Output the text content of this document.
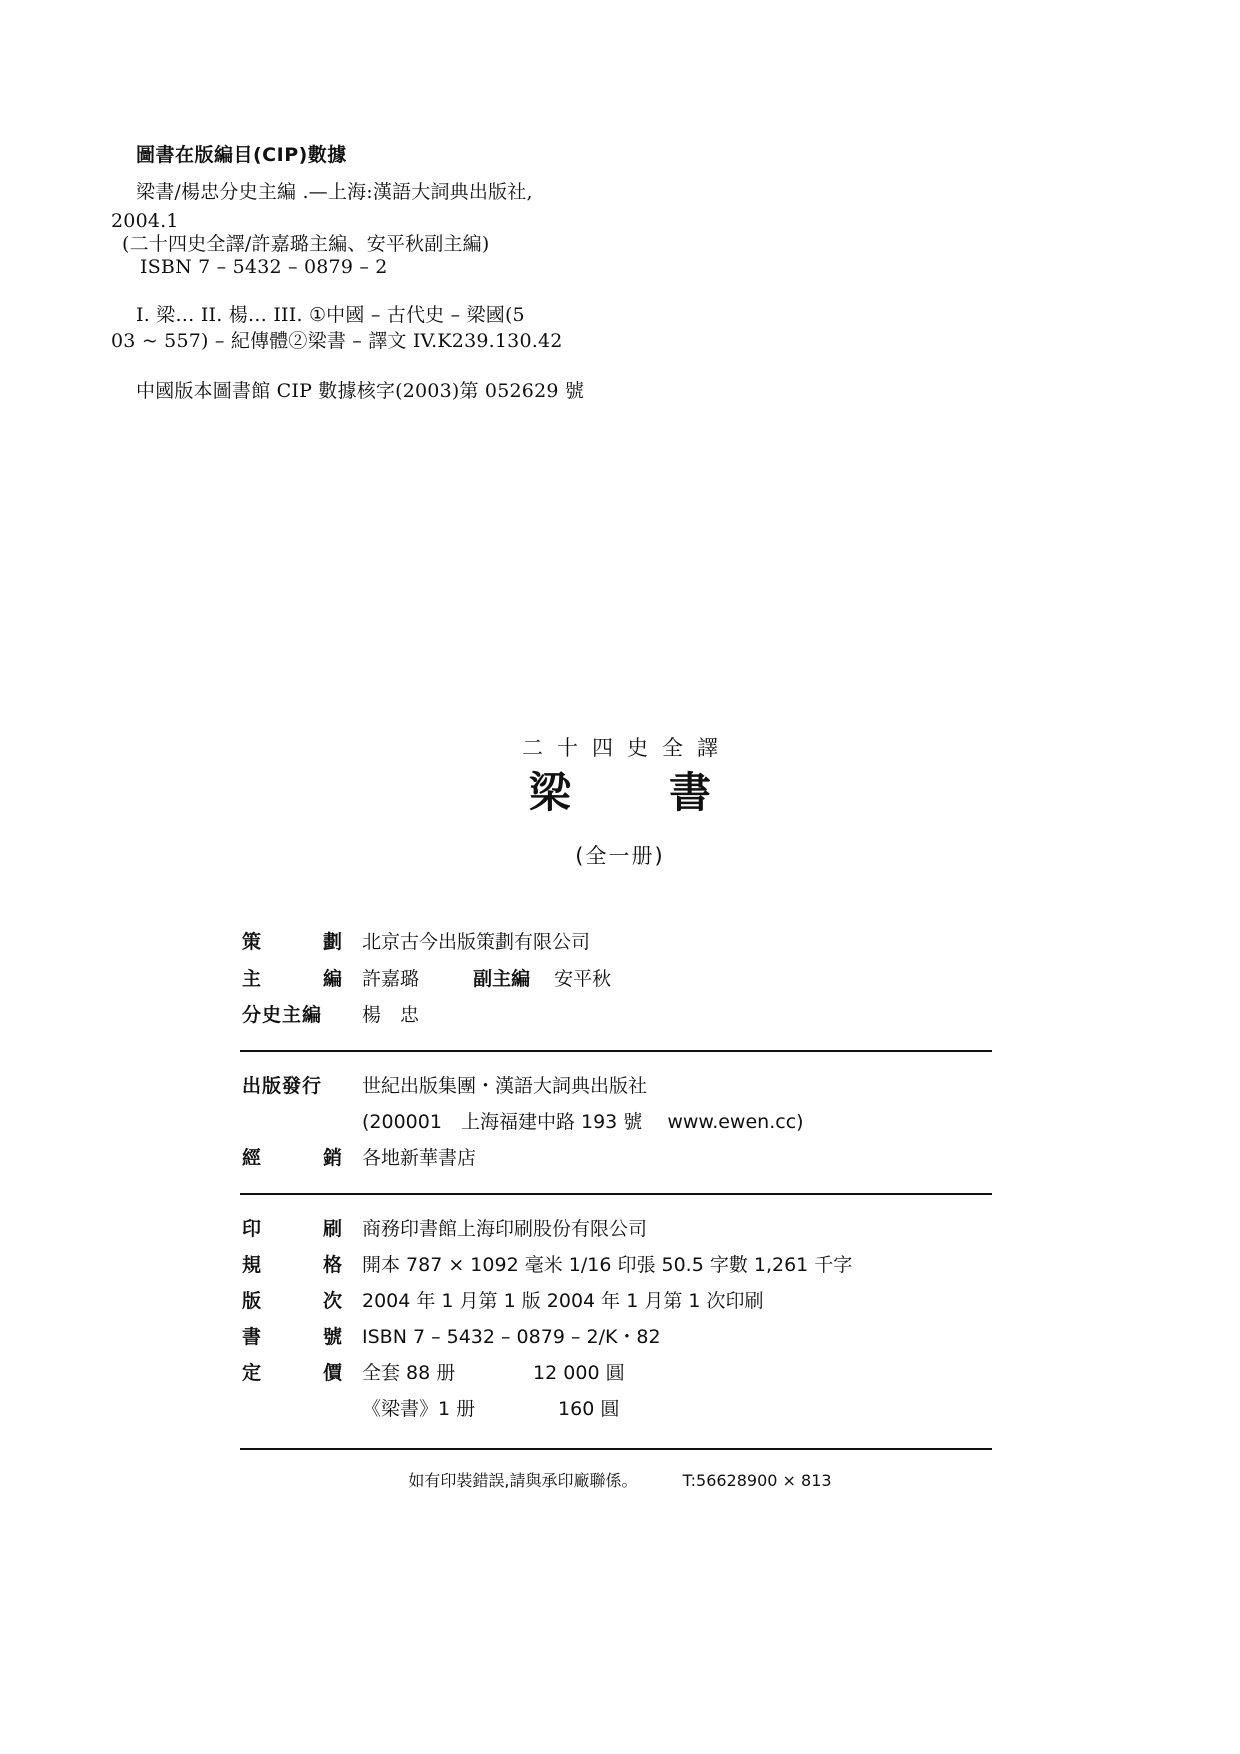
圖書在版編目(CIP)數據
梁書/楊忠分史主編 .—上海:漢語大詞典出版社,
2004.1
(二十四史全譯/許嘉璐主編、安平秋副主編)
ISBN 7 – 5432 – 0879 – 2
I. 梁… II. 楊… III. ①中國 – 古代史 – 梁國(5
03 ~ 557) – 紀傳體②梁書 – 譯文 IV.K239.130.42
中國版本圖書館 CIP 數據核字(2003)第 052629 號
二十四史全譯
梁 書
(全一册)
策	劃 北京古今出版策劃有限公司
主	編 許嘉璐	副主編 安平秋
分史主編	楊　忠
出版發行	世紀出版集團・漢語大詞典出版社
(200001　上海福建中路 193 號　 www.ewen.cc)
經	銷 各地新華書店
印	刷 商務印書館上海印刷股份有限公司
規	格 開本 787 × 1092 毫米 1/16 印張 50.5 字數 1,261 千字
版	次 2004 年 1 月第 1 版 2004 年 1 月第 1 次印刷
書	號 ISBN 7 – 5432 – 0879 – 2/K・82
定	價 全套 88 册	12 000 圓
《梁書》1 册	160 圓
如有印裝錯誤,請與承印廠聯係。	T:56628900 × 813
